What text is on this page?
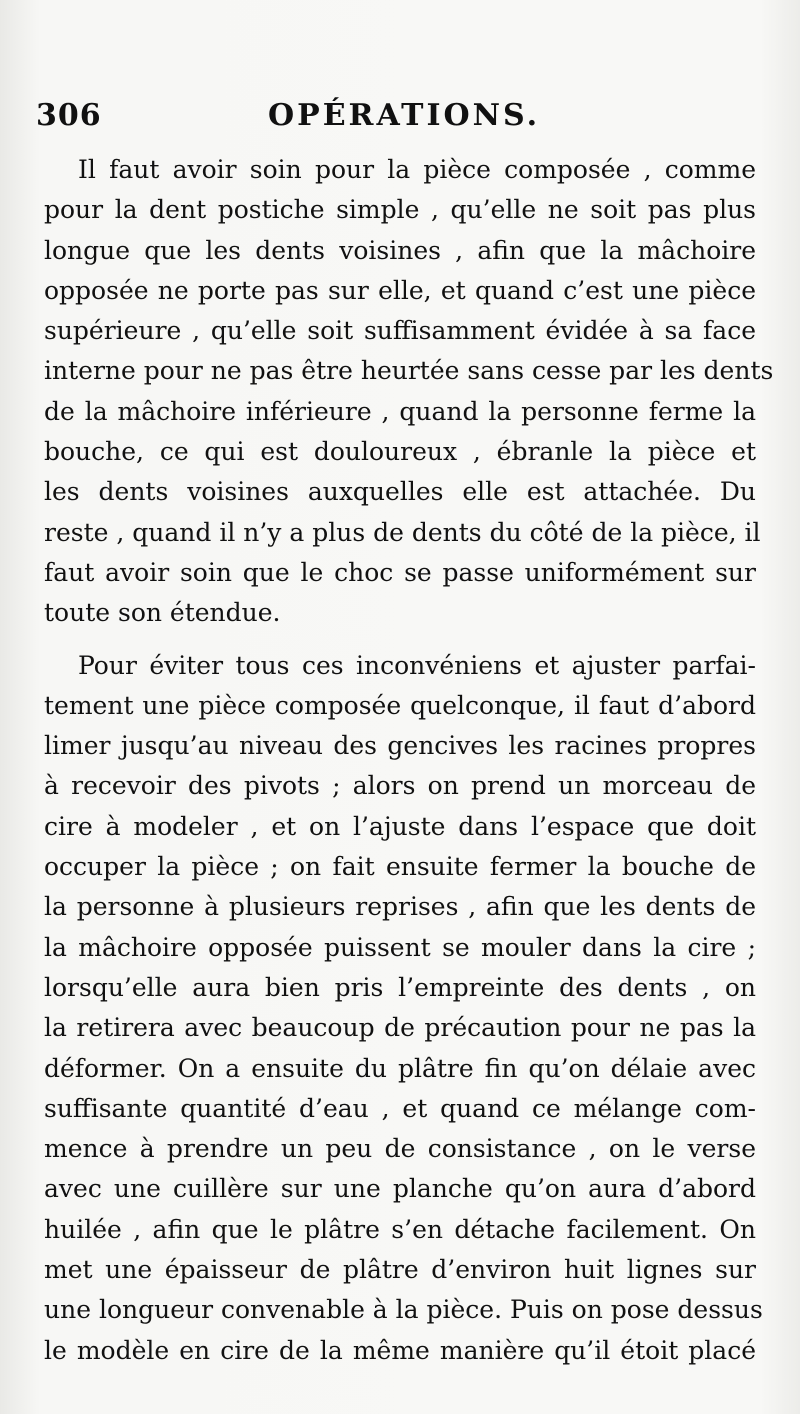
306	OPÉRATIONS.
Il faut avoir soin pour la pièce composée , comme
pour la dent postiche simple , qu’elle ne soit pas plus
longue que les dents voisines , afin que la mâchoire
opposée ne porte pas sur elle, et quand c’est une pièce
supérieure , qu’elle soit suffisamment évidée à sa face
interne pour ne pas être heurtée sans cesse par les dents
de la mâchoire inférieure , quand la personne ferme la
bouche, ce qui est douloureux , ébranle la pièce et
les dents voisines auxquelles elle est attachée. Du
reste , quand il n’y a plus de dents du côté de la pièce, il
faut avoir soin que le choc se passe uniformément sur
toute son étendue.
Pour éviter tous ces inconvéniens et ajuster parfai-
tement une pièce composée quelconque, il faut d’abord
limer jusqu’au niveau des gencives les racines propres
à recevoir des pivots ; alors on prend un morceau de
cire à modeler , et on l’ajuste dans l’espace que doit
occuper la pièce ; on fait ensuite fermer la bouche de
la personne à plusieurs reprises , afin que les dents de
la mâchoire opposée puissent se mouler dans la cire ;
lorsqu’elle aura bien pris l’empreinte des dents , on
la retirera avec beaucoup de précaution pour ne pas la
déformer. On a ensuite du plâtre fin qu’on délaie avec
suffisante quantité d’eau , et quand ce mélange com-
mence à prendre un peu de consistance , on le verse
avec une cuillère sur une planche qu’on aura d’abord
huilée , afin que le plâtre s’en détache facilement. On
met une épaisseur de plâtre d’environ huit lignes sur
une longueur convenable à la pièce. Puis on pose dessus
le modèle en cire de la même manière qu’il étoit placé
